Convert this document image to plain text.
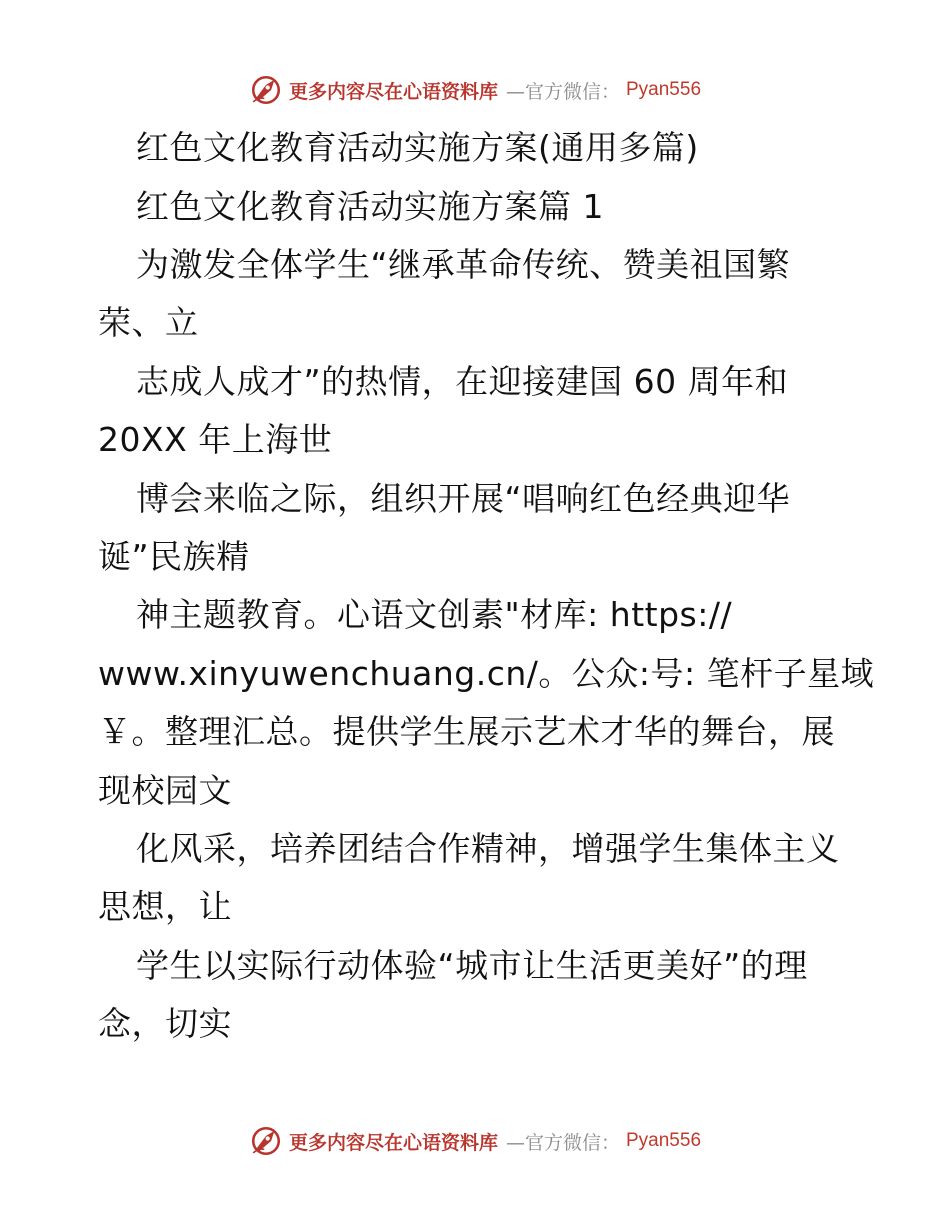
更多内容尽在心语资料库 —官方微信： Pyan556
红色文化教育活动实施方案(通用多篇)
红色文化教育活动实施方案篇 1
为激发全体学生“继承革命传统、赞美祖国繁
荣、立
志成人成才”的热情，在迎接建国 60 周年和
20XX 年上海世
博会来临之际，组织开展“唱响红色经典迎华
诞”民族精
神主题教育。心语文创素"材库: https://
www.xinyuwenchuang.cn/。公众:号: 笔杆子星域
￥。整理汇总。提供学生展示艺术才华的舞台，展
现校园文
化风采，培养团结合作精神，增强学生集体主义
思想，让
学生以实际行动体验“城市让生活更美好”的理
念，切实
更多内容尽在心语资料库 —官方微信： Pyan556
